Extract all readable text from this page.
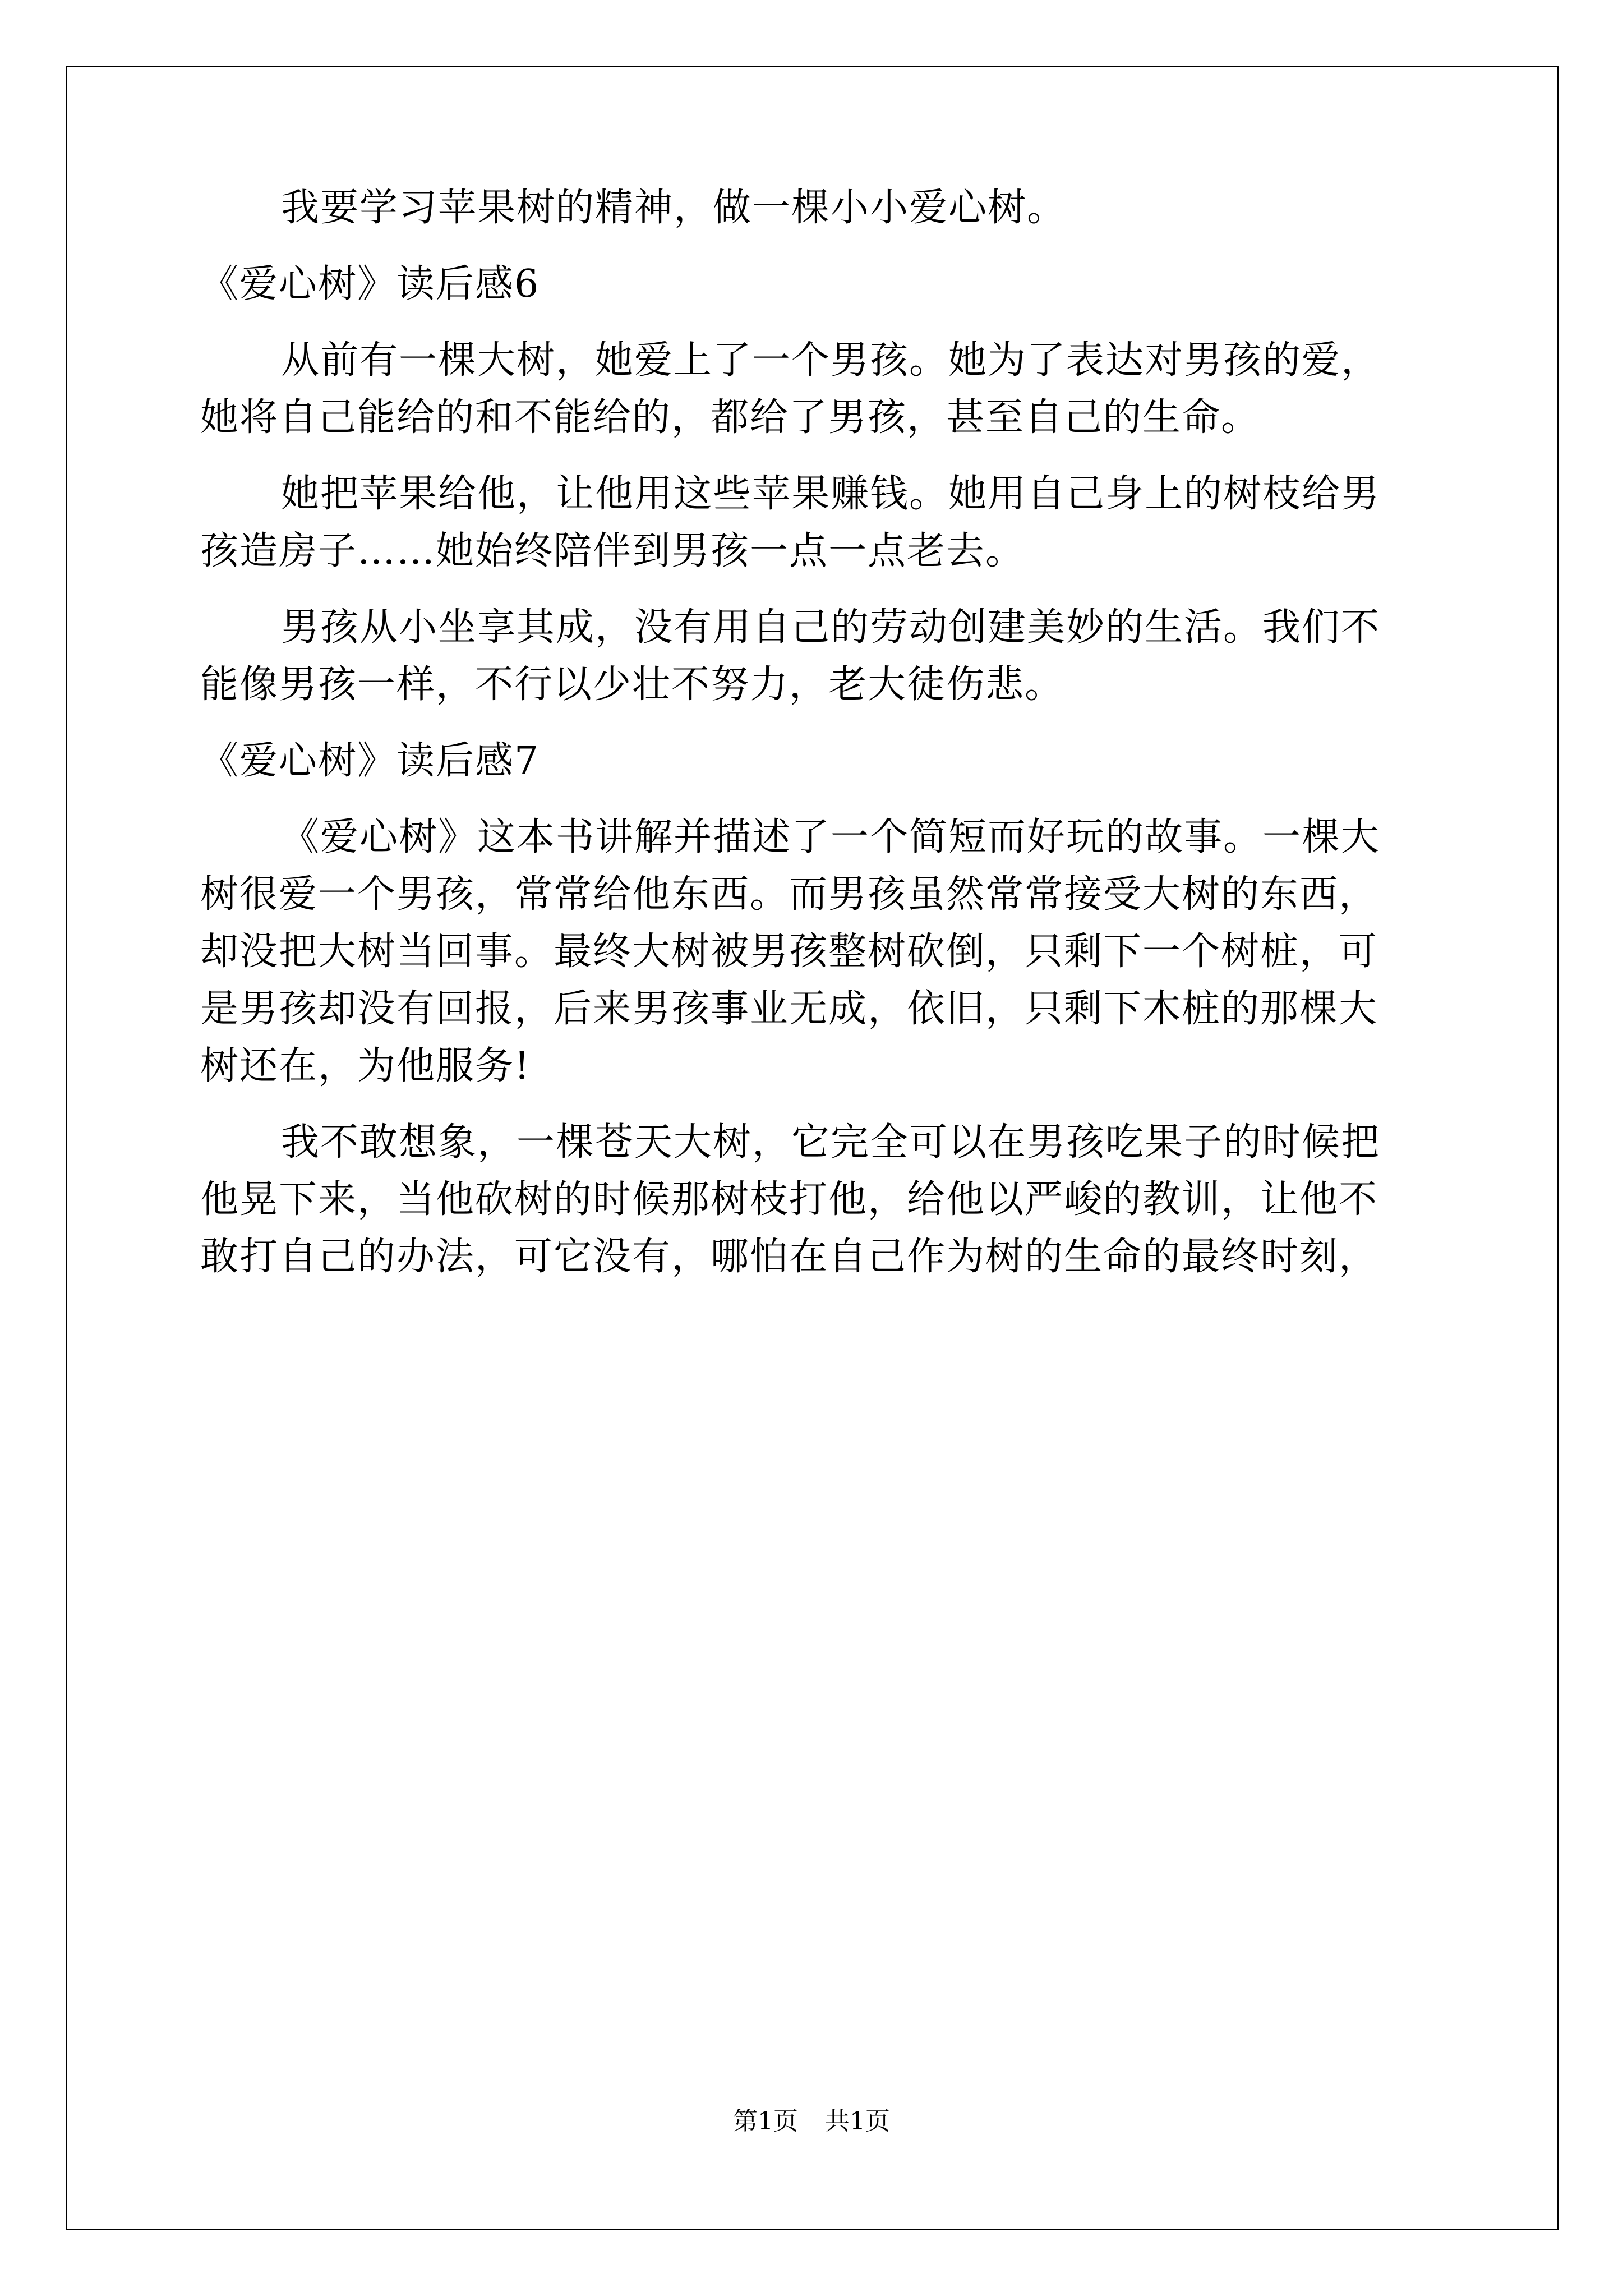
我要学习苹果树的精神，做一棵小小爱心树。
《爱心树》读后感6
从前有一棵大树，她爱上了一个男孩。她为了表达对男孩的爱，
她将自己能给的和不能给的，都给了男孩，甚至自己的生命。
她把苹果给他，让他用这些苹果赚钱。她用自己身上的树枝给男
孩造房子……她始终陪伴到男孩一点一点老去。
男孩从小坐享其成，没有用自己的劳动创建美妙的生活。我们不
能像男孩一样，不行以少壮不努力，老大徒伤悲。
《爱心树》读后感7
《爱心树》这本书讲解并描述了一个简短而好玩的故事。一棵大
树很爱一个男孩，常常给他东西。而男孩虽然常常接受大树的东西，
却没把大树当回事。最终大树被男孩整树砍倒，只剩下一个树桩，可
是男孩却没有回报，后来男孩事业无成，依旧，只剩下木桩的那棵大
树还在，为他服务!
我不敢想象，一棵苍天大树，它完全可以在男孩吃果子的时候把
他晃下来，当他砍树的时候那树枝打他，给他以严峻的教训，让他不
敢打自己的办法，可它没有，哪怕在自己作为树的生命的最终时刻，
第1页 共1页
